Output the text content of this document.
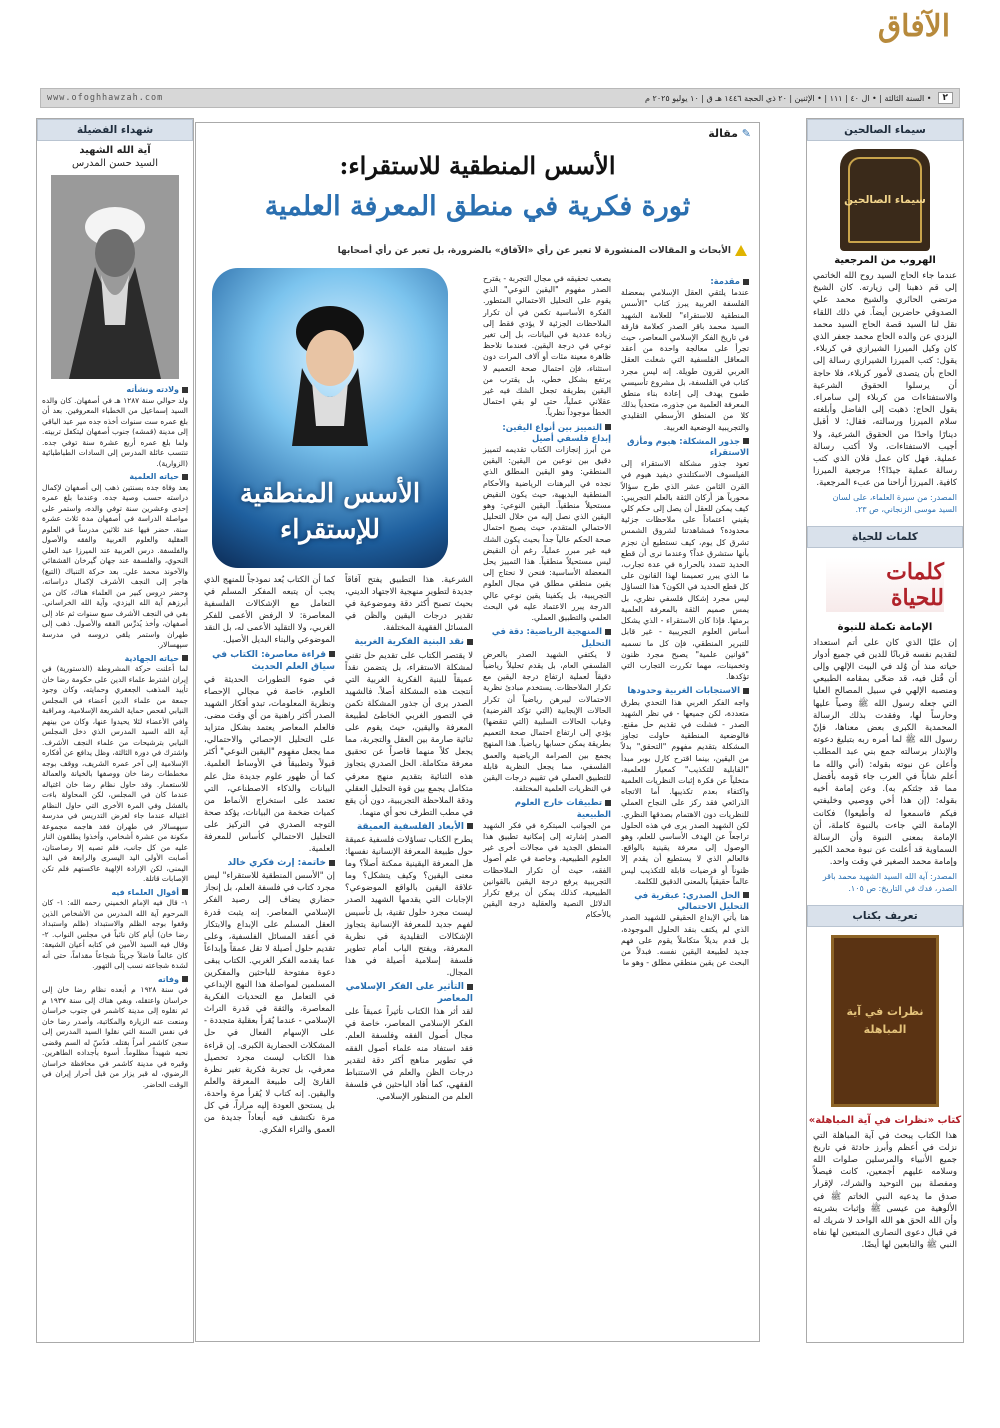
الآفاق
٢
• السنة الثالثة | • ال ٤٠ | ١١١ | • الإثنين | ٢٠ ذي الحجة ١٤٤٦ هـ ق | ١٠ يوليو ٢٠٢٥ م
www.ofoghhawzah.com
سيماء الصالحين
سيماء الصالحين
الهروب من المرجعية
عندما جاء الحاج السيد روح الله الخاتمي إلى قم ذهبنا إلى زيارته. كان الشيخ مرتضى الحائري والشيخ محمد علي الصدوقي حاضرين أيضاً. في ذلك اللقاء نقل لنا السيد قصة الحاج السيد محمد اليزدي عن والده الحاج محمد جعفر الذي كان وكيل الميرزا الشيرازي في كربلاء. يقول: كتب الميرزا الشيرازي رسالة إلى الحاج بأن يتصدى لأمور كربلاء، فلا حاجة أن يرسلوا الحقوق الشرعية والاستفتاءات من كربلاء إلى سامراء. يقول الحاج: ذهبت إلى الفاضل وأبلغته سلام الميرزا ورسالته، فقال: لا أقبل دينارًا واحدًا من الحقوق الشرعية، ولا أجيب الاستفتاءات، ولا أكتب رسالة عملية. فهل كان عمل فلان الذي كتب رسالة عملية جيدًا؟! مرجعية الميرزا كافية. الميرزا أراحنا من عبء المرجعية.
المصدر: من سيرة العلماء، على لسان السيد موسى الزنجاني، ص ٢٣.
كلمات للحياة
كلمات للحياة
الإمامة تكملة للنبوة
إن عليًا الذي كان على أتم استعداد لتقديم نفسه قربانًا للدين في جميع أدوار حياته منذ أن وُلد في البيت الإلهي وإلى أن قُتل فيه، قد ضحّى بمقامه الطبيعي ومنصبه الإلهي في سبيل المصالح العليا التي جعله رسول الله ﷺ وصياً عليها وحارساً لها، وفقدت بذلك الرسالة المحمدية الكبرى بعض معناها، فإنّ رسول الله ﷺ لما أمره ربه بتبليغ دعوته والإنذار برسالته جمع بني عبد المطلب وأعلن عن نبوته بقوله: (أني والله ما أعلم شاباً في العرب جاء قومه بأفضل مما قد جئتكم به). وعن إمامة أخيه بقوله: (إن هذا أخي ووصيي وخليفتي فيكم فاسمعوا له وأطيعوا) فكانت الإمامة التي جاءت بالنبوة كاملة، أن الإمامة بمعنى النبوة وأن الرسالة السماوية قد أعلنت عن نبوة محمد الكبير وإمامة محمد الصغير في وقت واحد.
المصدر: آية الله السيد الشهيد محمد باقر الصدر، فدك في التاريخ: ص ١٠٥.
تعريف بكتاب
نظرات في آية المباهلة
كتاب «نظرات في آية المباهلة»
هذا الكتاب يبحث في آية المباهلة التي نزلت في أعظم وأبرز حادثة في تاريخ جميع الأنبياء والمرسلين صلوات الله وسلامه عليهم أجمعين، كانت فيصلاً ومفصلة بين التوحيد والشرك، لإقرار صدق ما يدعيه النبي الخاتم ﷺ في الألوهية من عيسى ﷺ وإثبات بشريته وأن الله الحق هو الله الواحد لا شريك له في قبال دعوى النصارى المبتعين لها نفاه النبي ﷺ والتابعين لها أيضًا.
✎ مقالة
الأسس المنطقية للاستقراء:
ثورة فكرية في منطق المعرفة العلمية
الأبحاث و المقالات المنشورة لا تعبر عن رأي «الآفاق» بالضرورة، بل تعبر عن رأي أصحابها
الأسس المنطقية
للإستقراء
مقدمة:
عندما يلتقي العقل الإسلامي بمعضلة الفلسفة الغربية يبرز كتاب "الأسس المنطقية للاستقراء" للعلامة الشهيد السيد محمد باقر الصدر كعلامة فارقة في تاريخ الفكر الإسلامي المعاصر، حيث تجرأ على معالجة واحدة من أعقد المعاقل الفلسفية التي شغلت العقل الغربي لقرون طويلة. إنه ليس مجرد كتاب في الفلسفة، بل مشروع تأسيسي طموح يهدف إلى إعادة بناء منطق المعرفة العلمية من جذوره، متحدياً بذلك كلا من المنطق الأرسطي التقليدي والتجريبية الوضعية الغربية.
جذور المشكلة: هيوم ومأزق الاستقراء
تعود جذور مشكلة الاستقراء إلى الفيلسوف الاسكتلندي ديفيد هيوم في القرن الثامن عشر الذي طرح سؤالاً محورياً هز أركان الثقة بالعلم التجريبي: كيف يمكن للعقل أن يصل إلى حكم كلي يقيني اعتماداً على ملاحظات جزئية محدودة؟ فمشاهدتنا لشروق الشمس تشرق كل يوم، كيف نستطيع أن نجزم بأنها ستشرق غداً؟ وعندما نرى أن قطع الحديد تتمدد بالحرارة في عدة تجارب، ما الذي يبرر تعميمنا لهذا القانون على كل قطع الحديد في الكون؟ هذا التساؤل ليس مجرد إشكال فلسفي نظري، بل يمس صميم الثقة بالمعرفة العلمية برمتها. فإذا كان الاستقراء - الذي يشكل أساس العلوم التجريبية - غير قابل للتبرير المنطقي، فإن كل ما نسميه "قوانين علمية" يصبح مجرد ظنون وتخمينات، مهما تكررت التجارب التي تؤكدها.
الاستجابات الغربية وحدودها
واجه الفكر الغربي هذا التحدي بطرق متعددة، لكن جميعها - في نظر الشهيد الصدر - فشلت في تقديم حل مقنع. فالوضعية المنطقية حاولت تجاوز المشكلة بتقديم مفهوم "التحقق" بدلاً من اليقين، بينما اقترح كارل بوبر مبدأ "القابلية للتكذيب" كمعيار للعلمية، متخلياً عن فكرة إثبات النظريات العلمية واكتفاء بعدم تكذيبها. أما الاتجاه الذرائعي فقد ركز على النجاح العملي للنظريات دون الاهتمام بصدقها النظري. لكن الشهيد الصدر يرى في هذه الحلول تراجعاً عن الهدف الأساسي للعلم، وهو الوصول إلى معرفة يقينية بالواقع. فالعالم الذي لا يستطيع أن يقدم إلا ظنوناً أو فرضيات قابلة للتكذيب ليس عالماً حقيقياً بالمعنى الدقيق للكلمة.
الحل الصدري: عبقرية في التحليل الاحتمالي
هنا يأتي الإبداع الحقيقي للشهيد الصدر الذي لم يكتف بنقد الحلول الموجودة، بل قدم بديلاً متكاملاً يقوم على فهم جديد لطبيعة اليقين نفسه. فبدلاً من البحث عن يقين منطقي مطلق - وهو ما
يصعب تحقيقه في مجال التجربة - يقترح الصدر مفهوم "اليقين النوعي" الذي يقوم على التحليل الاحتمالي المتطور. الفكرة الأساسية تكمن في أن تكرار الملاحظات الجزئية لا يؤدي فقط إلى زيادة عددية في البيانات، بل إلى تغير نوعي في درجة اليقين. فعندما نلاحظ ظاهرة معينة مئات أو آلاف المرات دون استثناء، فإن احتمال صحة التعميم لا يرتفع بشكل خطي، بل يقترب من اليقين بطريقة تجعل الشك فيه غير عقلاني عملياً، حتى لو بقي احتمال الخطأ موجوداً نظرياً.
التمييز بين أنواع اليقين: إبداع فلسفي أصيل
من أبرز إنجازات الكتاب تقديمه لتمييز دقيق بين نوعين من اليقين: اليقين المنطقي: وهو اليقين المطلق الذي نجده في البرهنات الرياضية والأحكام المنطقية البديهية، حيث يكون النقيض مستحيلاً منطقياً. اليقين النوعي: وهو اليقين الذي نصل إليه من خلال التحليل الاحتمالي المتقدم، حيث يصبح احتمال صحة الحكم عالياً جداً بحيث يكون الشك فيه غير مبرر عملياً، رغم أن النقيض ليس مستحيلاً منطقياً. هذا التمييز يحل المعضلة الأساسية: فنحن لا نحتاج إلى يقين منطقي مطلق في مجال العلوم التجريبية، بل يكفينا يقين نوعي عالي الدرجة يبرر الاعتماد عليه في البحث العلمي والتطبيق العملي.
المنهجية الرياضية: دقة في التحليل
لا يكتفي الشهيد الصدر بالعرض الفلسفي العام، بل يقدم تحليلاً رياضياً دقيقاً لعملية ارتفاع درجة اليقين مع تكرار الملاحظات. يستخدم مبادئ نظرية الاحتمالات ليبرهن رياضياً أن تكرار الحالات الإيجابية (التي تؤكد الفرضية) وغياب الحالات السلبية (التي تنقضها) يؤدي إلى ارتفاع احتمال صحة التعميم بطريقة يمكن حسابها رياضياً. هذا المنهج يجمع بين الصرامة الرياضية والعمق الفلسفي، مما يجعل النظرية قابلة للتطبيق العملي في تقييم درجات اليقين في النظريات العلمية المختلفة.
تطبيقات خارج العلوم الطبيعية
من الجوانب المبتكرة في فكر الشهيد الصدر إشارته إلى إمكانية تطبيق هذا المنطق الجديد في مجالات أخرى غير العلوم الطبيعية، وخاصة في علم أصول الفقه، حيث أن تكرار الملاحظات التجريبية يرفع درجة اليقين بالقوانين الطبيعية، كذلك يمكن أن يرفع تكرار الدلائل النصية والعقلية درجة اليقين بالأحكام
الشرعية. هذا التطبيق يفتح آفاقاً جديدة لتطوير منهجية الاجتهاد الديني، بحيث تصبح أكثر دقة وموضوعية في تقدير درجات اليقين والظن في المسائل الفقهية المختلفة.
نقد البنية الفكرية الغربية
لا يقتصر الكتاب على تقديم حل تقني لمشكلة الاستقراء، بل يتضمن نقداً عميقاً للبنية الفكرية الغربية التي أنتجت هذه المشكلة أصلاً. فالشهيد الصدر يرى أن جذور المشكلة تكمن في التصور الغربي الخاطئ لطبيعة المعرفة واليقين، حيث يقوم على ثنائية صارمة بين العقل والتجربة، مما يجعل كلاً منهما قاصراً عن تحقيق معرفة متكاملة. الحل الصدري يتجاوز هذه الثنائية بتقديم منهج معرفي متكامل يجمع بين قوة التحليل العقلي ودقة الملاحظة التجريبية، دون أن يقع في مطب التطرف نحو أي منهما.
الأبعاد الفلسفية العميقة
يطرح الكتاب تساؤلات فلسفية عميقة حول طبيعة المعرفة الإنسانية نفسها: هل المعرفة اليقينية ممكنة أصلاً؟ وما معنى اليقين؟ وكيف يتشكل؟ وما علاقة اليقين بالواقع الموضوعي؟ الإجابات التي يقدمها الشهيد الصدر ليست مجرد حلول تقنية، بل تأسيس لفهم جديد للمعرفة الإنسانية يتجاوز الإشكالات التقليدية في نظرية المعرفة، ويفتح الباب أمام تطوير فلسفة إسلامية أصيلة في هذا المجال.
التأثير على الفكر الإسلامي المعاصر
لقد أثر هذا الكتاب تأثيراً عميقاً على الفكر الإسلامي المعاصر، خاصة في مجال أصول الفقه وفلسفة العلم. فقد استفاد منه علماء أصول الفقه في تطوير مناهج أكثر دقة لتقدير درجات الظن والعلم في الاستنباط الفقهي، كما أفاد الباحثين في فلسفة العلم من المنظور الإسلامي.
كما أن الكتاب يُعد نموذجاً للمنهج الذي يجب أن يتبعه المفكر المسلم في التعامل مع الإشكالات الفلسفية المعاصرة: لا الرفض الأعمى للفكر الغربي، ولا التقليد الأعمى له، بل النقد الموضوعي والبناء البديل الأصيل.
قراءة معاصرة: الكتاب في سياق العلم الحديث
في ضوء التطورات الحديثة في العلوم، خاصة في مجالي الإحصاء ونظرية المعلومات، تبدو أفكار الشهيد الصدر أكثر راهنية من أي وقت مضى. فالعلم المعاصر يعتمد بشكل متزايد على التحليل الإحصائي والاحتمالي، مما يجعل مفهوم "اليقين النوعي" أكثر قبولاً وتطبيقاً في الأوساط العلمية. كما أن ظهور علوم جديدة مثل علم البيانات والذكاء الاصطناعي، التي تعتمد على استخراج الأنماط من كميات ضخمة من البيانات، يؤكد صحة التوجه الصدري في التركيز على التحليل الاحتمالي كأساس للمعرفة العلمية.
خاتمة: إرث فكري خالد
إن "الأسس المنطقية للاستقراء" ليس مجرد كتاب في فلسفة العلم، بل إنجاز حضاري يضاف إلى رصيد الفكر الإسلامي المعاصر. إنه يثبت قدرة العقل المسلم على الإبداع والابتكار في أعقد المسائل الفلسفية، وعلى تقديم حلول أصيلة لا تقل عمقاً وإبداعاً عما يقدمه الفكر الغربي. الكتاب يبقى دعوة مفتوحة للباحثين والمفكرين المسلمين لمواصلة هذا النهج الإبداعي في التعامل مع التحديات الفكرية المعاصرة، والثقة في قدرة التراث الإسلامي - عندما يُقرأ بعقلية متجددة - على الإسهام الفعال في حل المشكلات الحضارية الكبرى. إن قراءة هذا الكتاب ليست مجرد تحصيل معرفي، بل تجربة فكرية تغير نظرة القارئ إلى طبيعة المعرفة والعلم واليقين. إنه كتاب لا يُقرأ مرة واحدة، بل يستحق العودة إليه مراراً، في كل مرة نكتشف فيه أبعاداً جديدة من العمق والثراء الفكري.
شهداء الفضيلة
آية الله الشهيد
السيد حسن المدرس
ولادته ونشأته
ولد حوالي سنة ١٢٨٧ هـ في أصفهان. كان والده السيد إسماعيل من الخطباء المعروفين. بعد أن بلغ عمره ست سنوات أخذه جده مير عبد الباقي إلى مدينة (قمشه) جنوب أصفهان ليتكفل تربيته. ولما بلغ عمره أربع عشرة سنة توفي جده. تنتسب عائلة المدرس إلى السادات الطباطبائية (الزوارية).
حياته العلمية
بعد وفاة جده بسنتين ذهب إلى أصفهان لإكمال دراسته حسب وصية جده. وعندما بلغ عمره إحدى وعشرين سنة توفي والده، واستمر على مواصلة الدراسة في أصفهان مدة ثلاث عشرة سنة، حضر فيها عند ثلاثين مدرساً في العلوم العقلية والعلوم العربية والفقه والأصول والفلسفة. درس العربية عند الميرزا عبد العلي النحوي، والفلسفة عند جهان گيرخان القشقائي والآخوند محمد علي. بعد حركة التنباك (التبغ) هاجر إلى النجف الأشرف لإكمال دراساته، وحضر دروس كبير من العلماء هناك، كان من أبرزهم آية الله اليزدي، وآية الله الخراساني. بقي في النجف الأشرف سبع سنوات ثم عاد إلى أصفهان، وأخذ يُدرِّس الفقه والأصول. ذهب إلى طهران واستمر يلقي دروسه في مدرسة سپهسالار.
حياته الجهادية
لما أعلنت حركة المشروطة (الدستورية) في إيران اشترط علماء الدين على حكومة رضا خان تأييد المذهب الجعفري وحمايته، وكان وجود جمعة من علماء الدين أعضاء في المجلس النيابي لفحص حماية الشريعة الإسلامية، ومراقبة وافي الأعضاء لئلا يحيدوا عنها، وكان من بينهم آية الله السيد المدرس الذي دخل المجلس النيابي بترشيحات من علماء النجف الأشرف. واشترك في دورة الثالثة، وظل يدافع عن أفكاره الإسلامية إلى آخر عمره الشريف، ووقف بوجه مخططات رضا خان ووصفها بالخيانة والعمالة للاستعمار. وقد حاول نظام رضا خان اغتياله عندما كان في المجلس، لكن المحاولة باءت بالفشل وفي المرة الأخرى التي حاول النظام اغتياله عندما جاء لغرض التدريس في مدرسة سپهسالار في طهران فقد هاجمه مجموعة مكونة من عشرة أشخاص، وأخذوا يطلقون النار عليه من كل جانب، فلم تصبه إلا رصاصتان، أصابت الأولى اليد اليسرى والرابعة في اليد اليمنى، لكن الإرادة الإلهية عاكستهم فلم تكن الإصابات قاتلة.
أقوال العلماء فيه
١- قال فيه الإمام الخميني رحمه الله: ١- كان المرحوم آية الله المدرس من الأشخاص الذين وقفوا بوجه الظلم والاستبداد (ظلم واستبداد رضا خان) أيام كان نائباً في مجلس النواب. ٢- وقال فيه السيد الأمين في كتابه أعيان الشيعة: كان عالماً فاضلاً جريئاً شجاعاً مقداماً، حتى أنه لشدة شجاعته نسب إلى التهور.
وفاته
في سنة ١٩٢٨ م أبعده نظام رضا خان إلى خراسان واعتقله، وبقي هناك إلى سنة ١٩٣٧ م ثم نقلوه إلى مدينة كاشمر في جنوب خراسان ومنعت عنه الزيارة والمكاتبة، وأصدر رضا خان في نفس السنة التي نقلوا السيد المدرس إلى سجن كاشمر أمراً بقتله. فدُسّ له السم وقضى نحبه شهيداً مظلوماً. أسوة بأجداده الطاهرين. وقبره في مدينة كاشمر في محافظة خراسان الرضوي، له قبر يزار من قبل أحرار إيران في الوقت الحاضر.
